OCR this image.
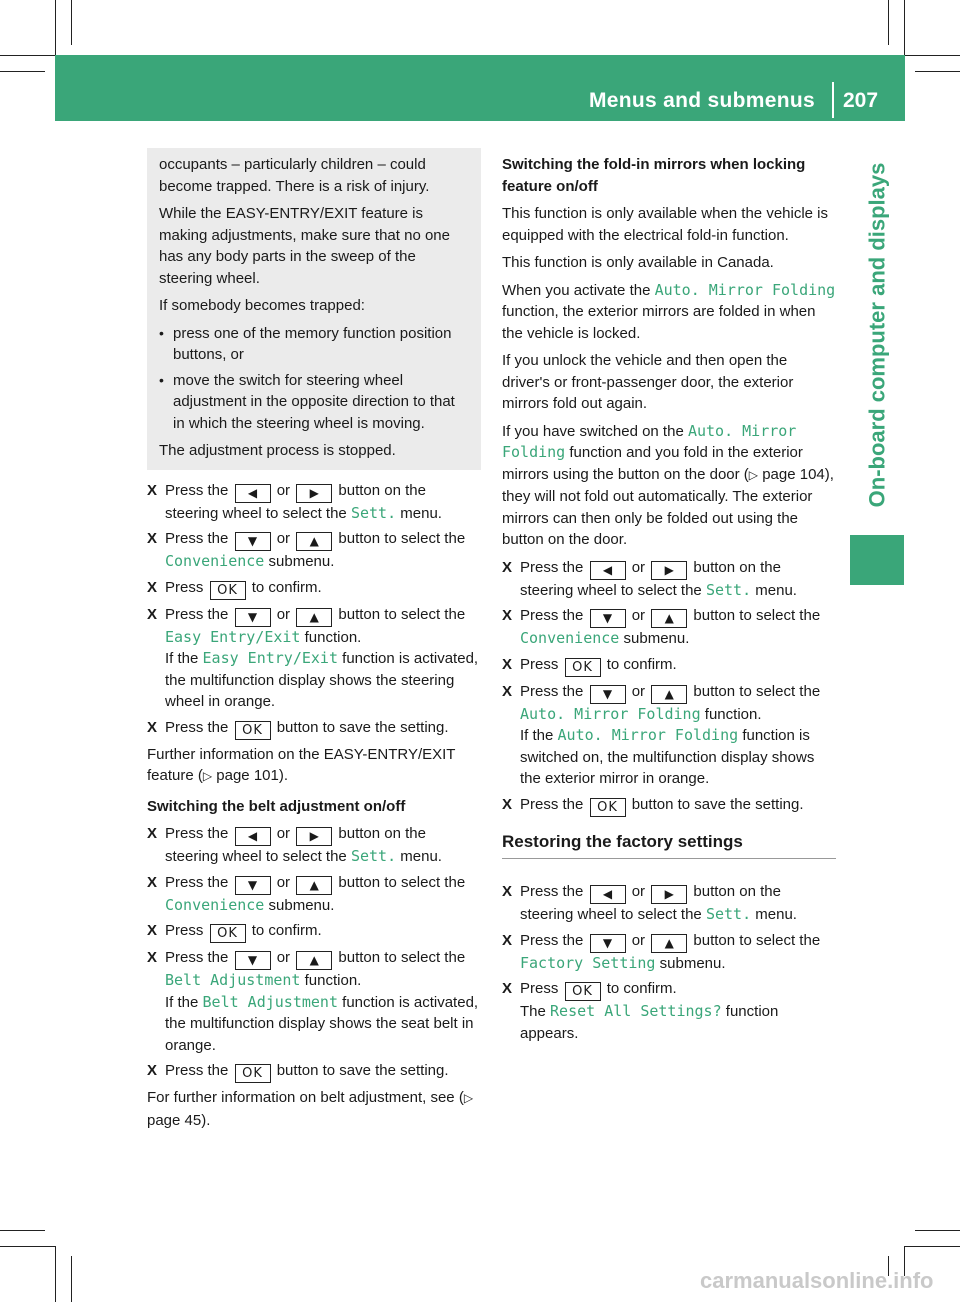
Menus and submenus 207
On-board computer and displays

occupants – particularly children – could become trapped. There is a risk of injury.

While the EASY-ENTRY/EXIT feature is making adjustments, make sure that no one has any body parts in the sweep of the steering wheel.

If somebody becomes trapped:

• press one of the memory function position buttons, or
• move the switch for steering wheel adjustment in the opposite direction to that in which the steering wheel is moving.

The adjustment process is stopped.

X Press the ◀ or ▶ button on the steering wheel to select the Sett. menu.
X Press the ▼ or ▲ button to select the Convenience submenu.
X Press OK to confirm.
X Press the ▼ or ▲ button to select the Easy Entry/Exit function.
If the Easy Entry/Exit function is activated, the multifunction display shows the steering wheel in orange.
X Press the OK button to save the setting.

Further information on the EASY-ENTRY/EXIT feature (▷ page 101).

Switching the belt adjustment on/off
X Press the ◀ or ▶ button on the steering wheel to select the Sett. menu.
X Press the ▼ or ▲ button to select the Convenience submenu.
X Press OK to confirm.
X Press the ▼ or ▲ button to select the Belt Adjustment function.
If the Belt Adjustment function is activated, the multifunction display shows the seat belt in orange.
X Press the OK button to save the setting.

For further information on belt adjustment, see (▷ page 45).

Switching the fold-in mirrors when locking feature on/off

This function is only available when the vehicle is equipped with the electrical fold-in function.

This function is only available in Canada.

When you activate the Auto. Mirror Folding function, the exterior mirrors are folded in when the vehicle is locked.

If you unlock the vehicle and then open the driver's or front-passenger door, the exterior mirrors fold out again.

If you have switched on the Auto. Mirror Folding function and you fold in the exterior mirrors using the button on the door (▷ page 104), they will not fold out automatically. The exterior mirrors can then only be folded out using the button on the door.

X Press the ◀ or ▶ button on the steering wheel to select the Sett. menu.
X Press the ▼ or ▲ button to select the Convenience submenu.
X Press OK to confirm.
X Press the ▼ or ▲ button to select the Auto. Mirror Folding function.
If the Auto. Mirror Folding function is switched on, the multifunction display shows the exterior mirror in orange.
X Press the OK button to save the setting.
Restoring the factory settings
X Press the ◀ or ▶ button on the steering wheel to select the Sett. menu.
X Press the ▼ or ▲ button to select the Factory Setting submenu.
X Press OK to confirm.
The Reset All Settings? function appears.
carmanualsonline.info
